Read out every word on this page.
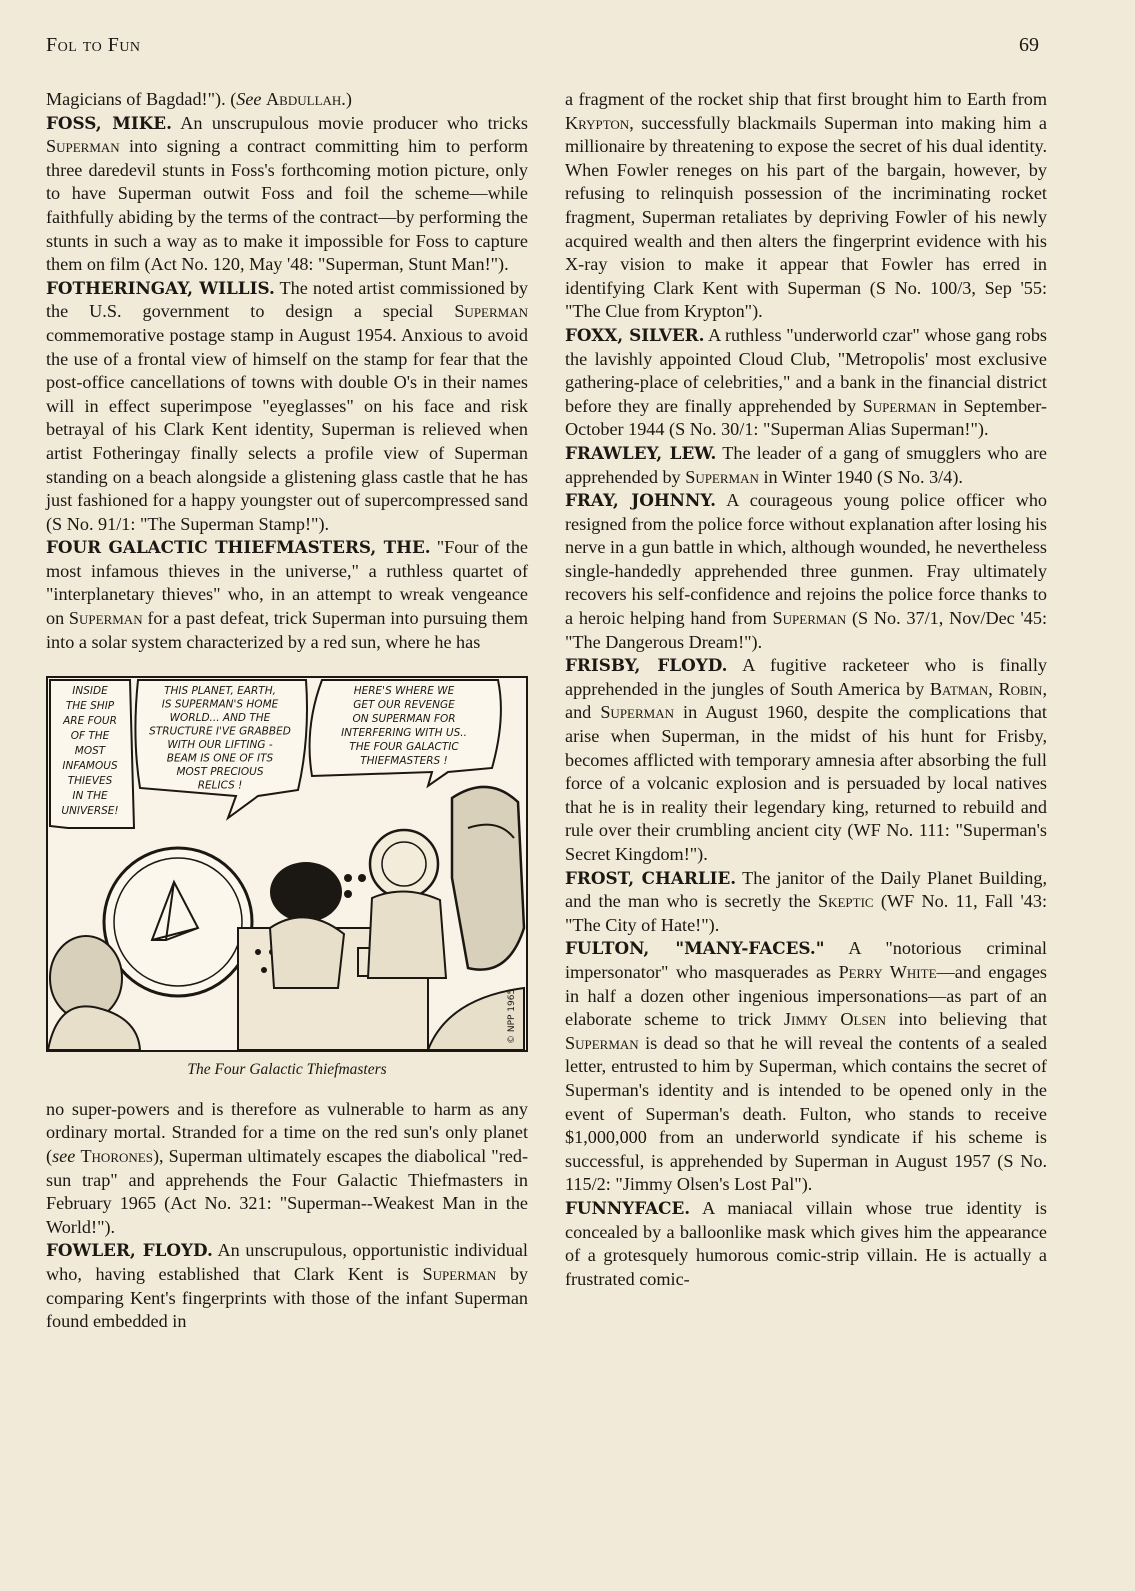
Fol to Fun	69

Magicians of Bagdad!"). (See Abdullah.)

FOSS, MIKE. An unscrupulous movie producer who tricks Superman into signing a contract committing him to perform three daredevil stunts in Foss's forthcoming motion picture, only to have Superman outwit Foss and foil the scheme—while faithfully abiding by the terms of the contract—by performing the stunts in such a way as to make it impossible for Foss to capture them on film (Act No. 120, May '48: "Superman, Stunt Man!").

FOTHERINGAY, WILLIS. The noted artist commissioned by the U.S. government to design a special Superman commemorative postage stamp in August 1954. Anxious to avoid the use of a frontal view of himself on the stamp for fear that the post-office cancellations of towns with double O's in their names will in effect superimpose "eyeglasses" on his face and risk betrayal of his Clark Kent identity, Superman is relieved when artist Fotheringay finally selects a profile view of Superman standing on a beach alongside a glistening glass castle that he has just fashioned for a happy youngster out of supercompressed sand (S No. 91/1: "The Superman Stamp!").

FOUR GALACTIC THIEFMASTERS, THE. "Four of the most infamous thieves in the universe," a ruthless quartet of "interplanetary thieves" who, in an attempt to wreak vengeance on Superman for a past defeat, trick Superman into pursuing them into a solar system characterized by a red sun, where he has

INSIDE
THE SHIP
ARE FOUR
OF THE
MOST
INFAMOUS
THIEVES
IN THE
UNIVERSE!
THIS PLANET, EARTH,
IS SUPERMAN'S HOME
WORLD... AND THE
STRUCTURE I'VE GRABBED
WITH OUR LIFTING -
BEAM IS ONE OF ITS
MOST PRECIOUS
RELICS !
HERE'S WHERE WE
GET OUR REVENGE
ON SUPERMAN FOR
INTERFERING WITH US..
THE FOUR GALACTIC
THIEFMASTERS !
© NPP 1965
The Four Galactic Thiefmasters

no super-powers and is therefore as vulnerable to harm as any ordinary mortal. Stranded for a time on the red sun's only planet (see Thorones), Superman ultimately escapes the diabolical "red-sun trap" and apprehends the Four Galactic Thiefmasters in February 1965 (Act No. 321: "Superman--Weakest Man in the World!").

FOWLER, FLOYD. An unscrupulous, opportunistic individual who, having established that Clark Kent is Superman by comparing Kent's fingerprints with those of the infant Superman found embedded in

a fragment of the rocket ship that first brought him to Earth from Krypton, successfully blackmails Superman into making him a millionaire by threatening to expose the secret of his dual identity. When Fowler reneges on his part of the bargain, however, by refusing to relinquish possession of the incriminating rocket fragment, Superman retaliates by depriving Fowler of his newly acquired wealth and then alters the fingerprint evidence with his X-ray vision to make it appear that Fowler has erred in identifying Clark Kent with Superman (S No. 100/3, Sep '55: "The Clue from Krypton").

FOXX, SILVER. A ruthless "underworld czar" whose gang robs the lavishly appointed Cloud Club, "Metropolis' most exclusive gathering-place of celebrities," and a bank in the financial district before they are finally apprehended by Superman in September-October 1944 (S No. 30/1: "Superman Alias Superman!").

FRAWLEY, LEW. The leader of a gang of smugglers who are apprehended by Superman in Winter 1940 (S No. 3/4).

FRAY, JOHNNY. A courageous young police officer who resigned from the police force without explanation after losing his nerve in a gun battle in which, although wounded, he nevertheless single-handedly apprehended three gunmen. Fray ultimately recovers his self-confidence and rejoins the police force thanks to a heroic helping hand from Superman (S No. 37/1, Nov/Dec '45: "The Dangerous Dream!").

FRISBY, FLOYD. A fugitive racketeer who is finally apprehended in the jungles of South America by Batman, Robin, and Superman in August 1960, despite the complications that arise when Superman, in the midst of his hunt for Frisby, becomes afflicted with temporary amnesia after absorbing the full force of a volcanic explosion and is persuaded by local natives that he is in reality their legendary king, returned to rebuild and rule over their crumbling ancient city (WF No. 111: "Superman's Secret Kingdom!").

FROST, CHARLIE. The janitor of the Daily Planet Building, and the man who is secretly the Skeptic (WF No. 11, Fall '43: "The City of Hate!").

FULTON, "MANY-FACES." A "notorious criminal impersonator" who masquerades as Perry White—and engages in half a dozen other ingenious impersonations—as part of an elaborate scheme to trick Jimmy Olsen into believing that Superman is dead so that he will reveal the contents of a sealed letter, entrusted to him by Superman, which contains the secret of Superman's identity and is intended to be opened only in the event of Superman's death. Fulton, who stands to receive $1,000,000 from an underworld syndicate if his scheme is successful, is apprehended by Superman in August 1957 (S No. 115/2: "Jimmy Olsen's Lost Pal").

FUNNYFACE. A maniacal villain whose true identity is concealed by a balloonlike mask which gives him the appearance of a grotesquely humorous comic-strip villain. He is actually a frustrated comic-
